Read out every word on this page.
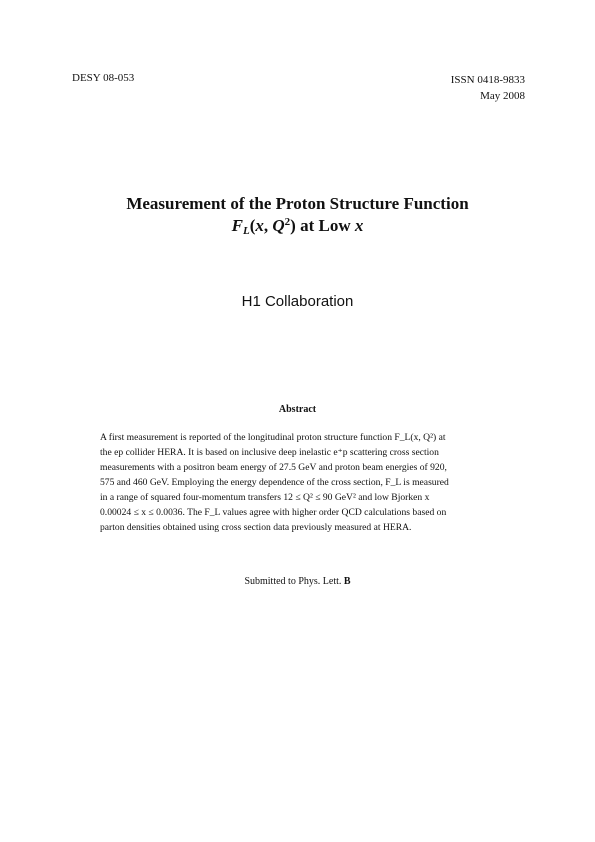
DESY 08-053	ISSN 0418-9833
May 2008
Measurement of the Proton Structure Function
$F_L(x$, $Q^2$) at Low x
H1 Collaboration
Abstract
A first measurement is reported of the longitudinal proton structure function F_L(x, Q²) at
the ep collider HERA. It is based on inclusive deep inelastic e⁺p scattering cross section
measurements with a positron beam energy of 27.5 GeV and proton beam energies of 920,
575 and 460 GeV. Employing the energy dependence of the cross section, F_L is measured
in a range of squared four-momentum transfers 12 ≤ Q² ≤ 90 GeV² and low Bjorken x
0.00024 ≤ x ≤ 0.0036. The F_L values agree with higher order QCD calculations based on
parton densities obtained using cross section data previously measured at HERA.
Submitted to Phys. Lett. B
